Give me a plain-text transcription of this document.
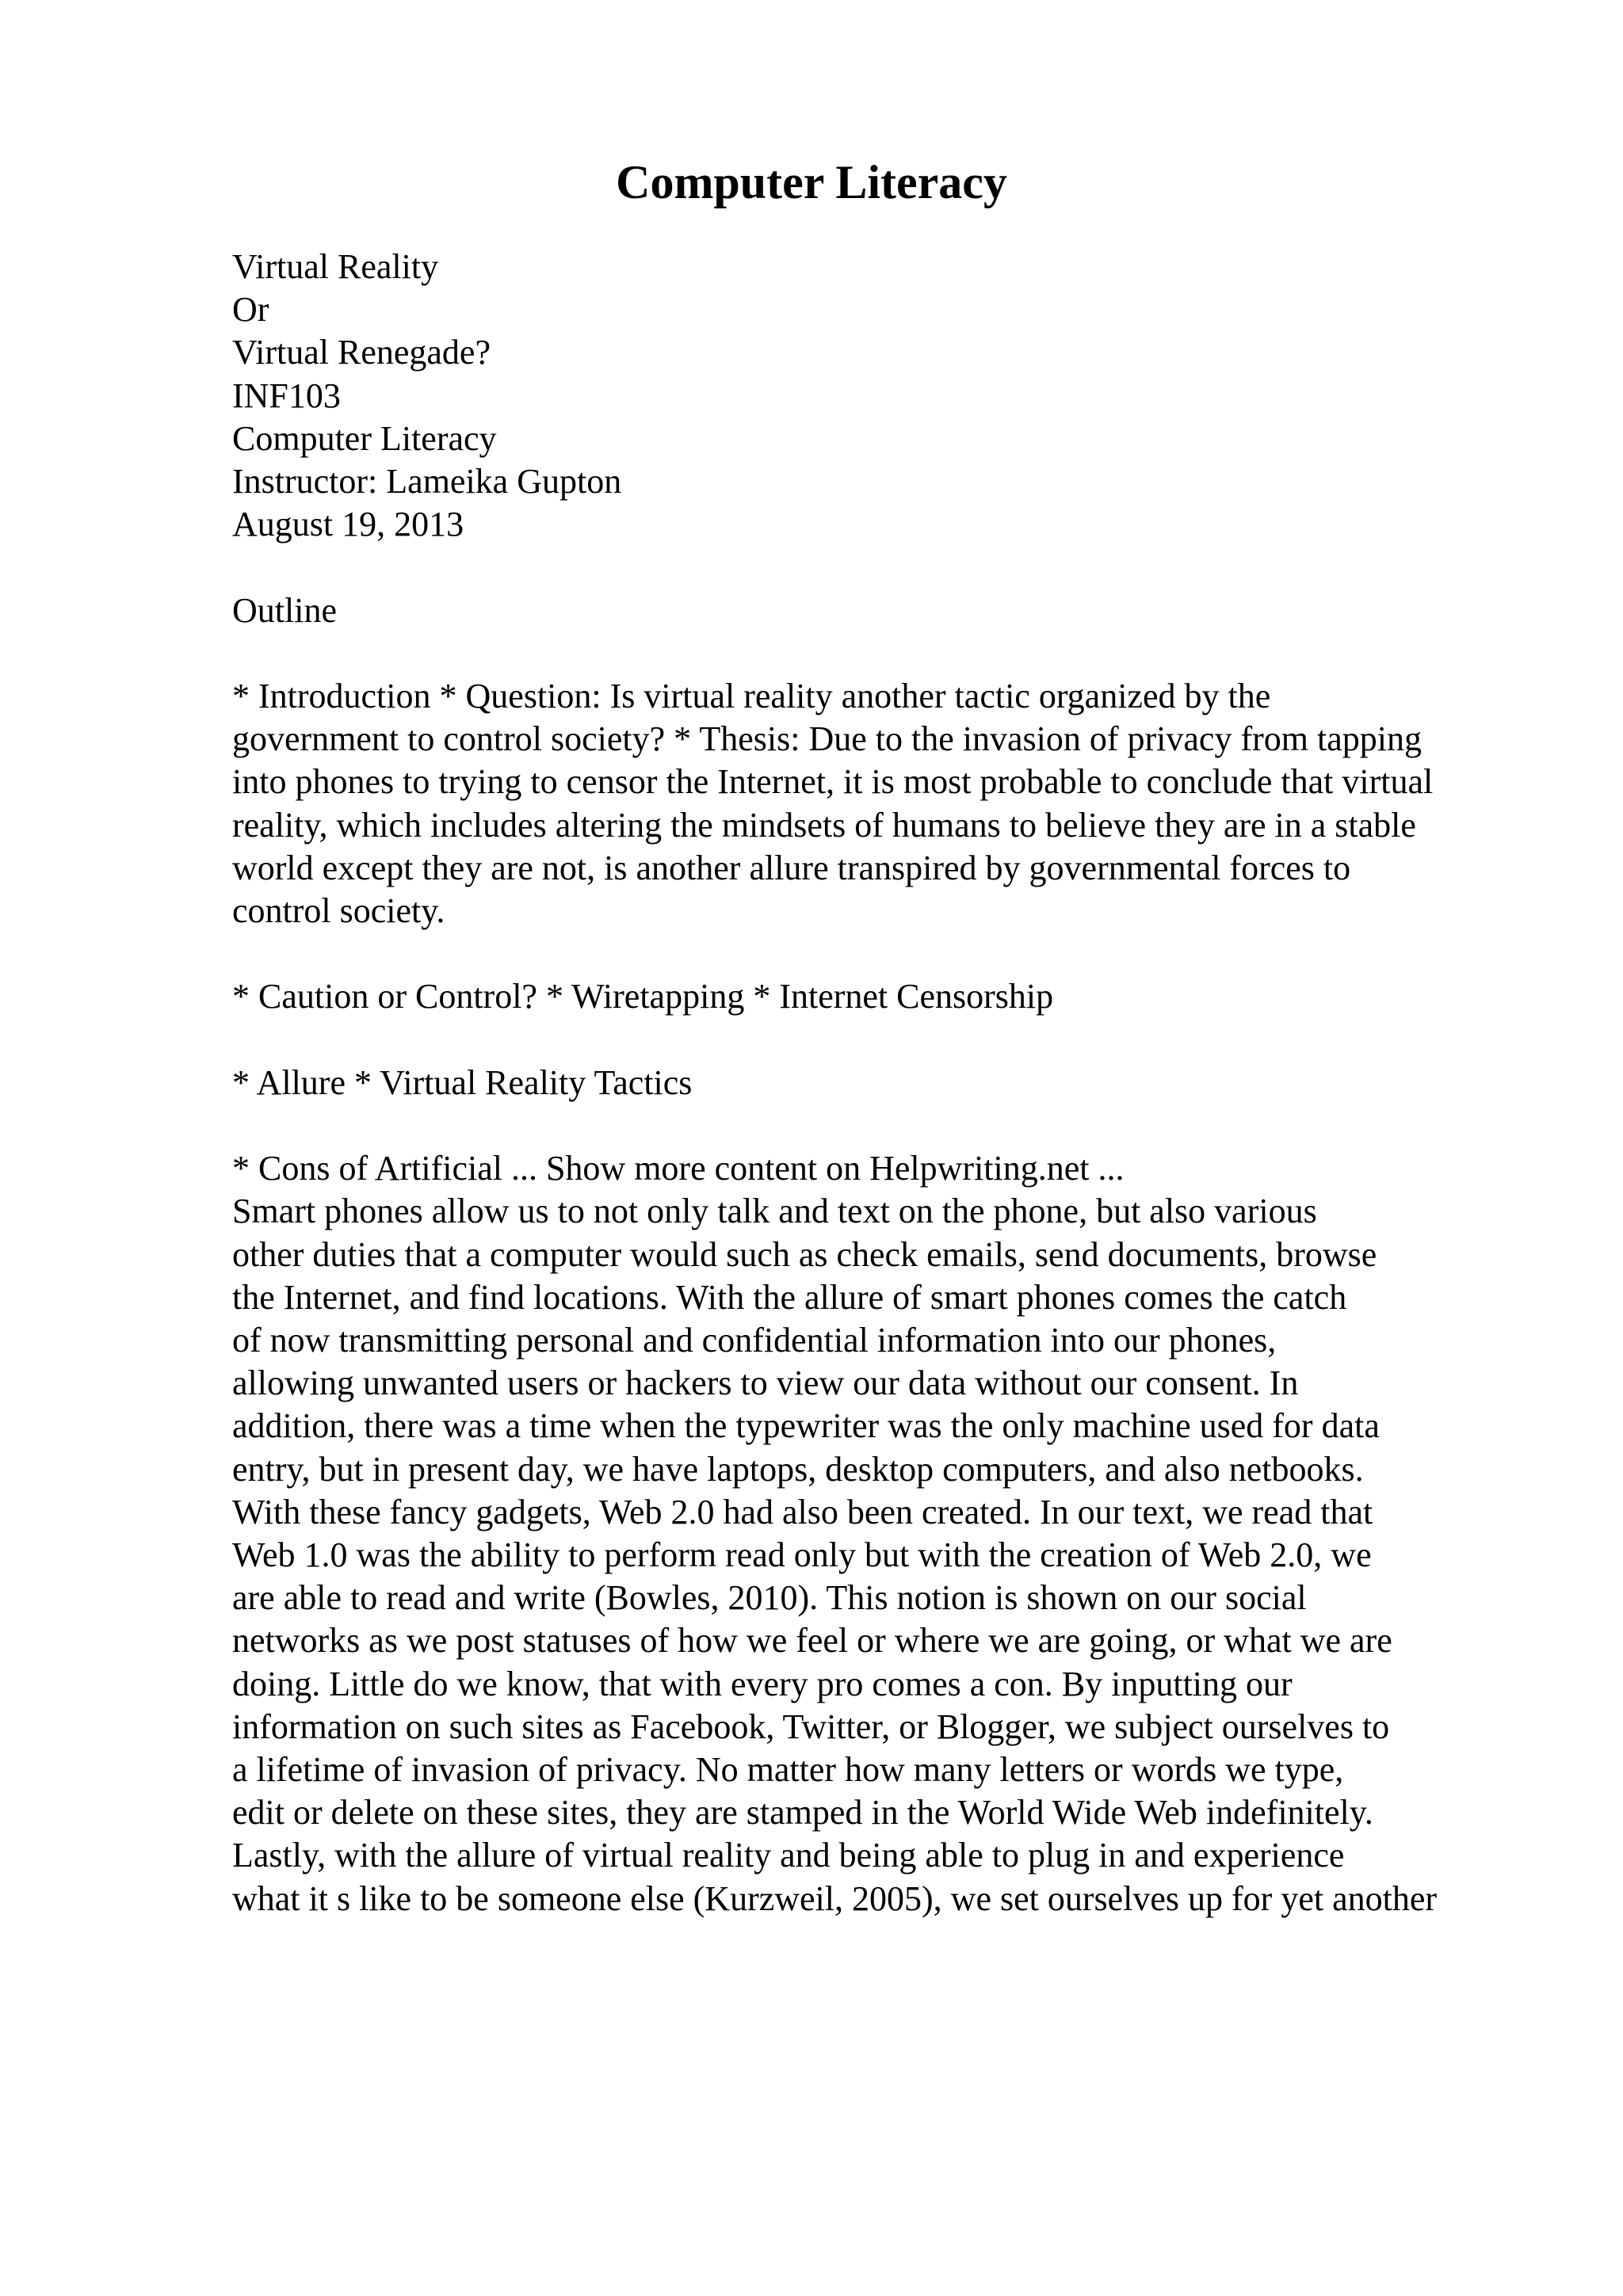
Computer Literacy
Virtual Reality
Or
Virtual Renegade?
INF103
Computer Literacy
Instructor: Lameika Gupton
August 19, 2013
Outline
* Introduction * Question: Is virtual reality another tactic organized by the
government to control society? * Thesis: Due to the invasion of privacy from tapping
into phones to trying to censor the Internet, it is most probable to conclude that virtual
reality, which includes altering the mindsets of humans to believe they are in a stable
world except they are not, is another allure transpired by governmental forces to
control society.
* Caution or Control? * Wiretapping * Internet Censorship
* Allure * Virtual Reality Tactics
* Cons of Artificial ... Show more content on Helpwriting.net ...
Smart phones allow us to not only talk and text on the phone, but also various
other duties that a computer would such as check emails, send documents, browse
the Internet, and find locations. With the allure of smart phones comes the catch
of now transmitting personal and confidential information into our phones,
allowing unwanted users or hackers to view our data without our consent. In
addition, there was a time when the typewriter was the only machine used for data
entry, but in present day, we have laptops, desktop computers, and also netbooks.
With these fancy gadgets, Web 2.0 had also been created. In our text, we read that
Web 1.0 was the ability to perform read only but with the creation of Web 2.0, we
are able to read and write (Bowles, 2010). This notion is shown on our social
networks as we post statuses of how we feel or where we are going, or what we are
doing. Little do we know, that with every pro comes a con. By inputting our
information on such sites as Facebook, Twitter, or Blogger, we subject ourselves to
a lifetime of invasion of privacy. No matter how many letters or words we type,
edit or delete on these sites, they are stamped in the World Wide Web indefinitely.
Lastly, with the allure of virtual reality and being able to plug in and experience
what it s like to be someone else (Kurzweil, 2005), we set ourselves up for yet another
